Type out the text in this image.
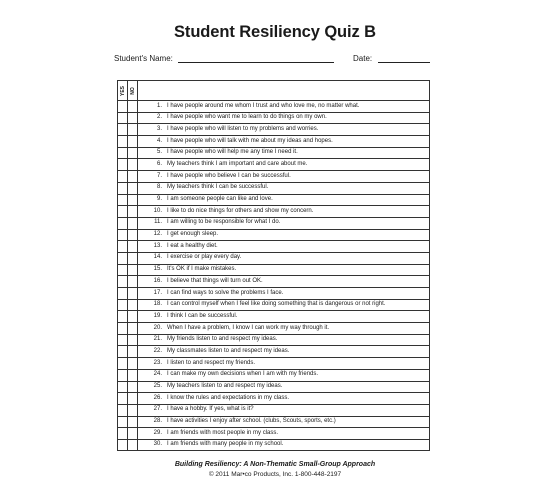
Student Resiliency Quiz B
Student's Name:	Date:
YES NO
1. I have people around me whom I trust and who love me, no matter what.
2. I have people who want me to learn to do things on my own.
3. I have people who will listen to my problems and worries.
4. I have people who will talk with me about my ideas and hopes.
5. I have people who will help me any time I need it.
6. My teachers think I am important and care about me.
7. I have people who believe I can be successful.
8. My teachers think I can be successful.
9. I am someone people can like and love.
10. I like to do nice things for others and show my concern.
11. I am willing to be responsible for what I do.
12. I get enough sleep.
13. I eat a healthy diet.
14. I exercise or play every day.
15. It's OK if I make mistakes.
16. I believe that things will turn out OK.
17. I can find ways to solve the problems I face.
18. I can control myself when I feel like doing something that is dangerous or not right.
19. I think I can be successful.
20. When I have a problem, I know I can work my way through it.
21. My friends listen to and respect my ideas.
22. My classmates listen to and respect my ideas.
23. I listen to and respect my friends.
24. I can make my own decisions when I am with my friends.
25. My teachers listen to and respect my ideas.
26. I know the rules and expectations in my class.
27. I have a hobby. If yes, what is it?
28. I have activities I enjoy after school. (clubs, Scouts, sports, etc.)
29. I am friends with most people in my class.
30. I am friends with many people in my school.
Building Resiliency: A Non-Thematic Small-Group Approach
© 2011 Mar•co Products, Inc. 1-800-448-2197
